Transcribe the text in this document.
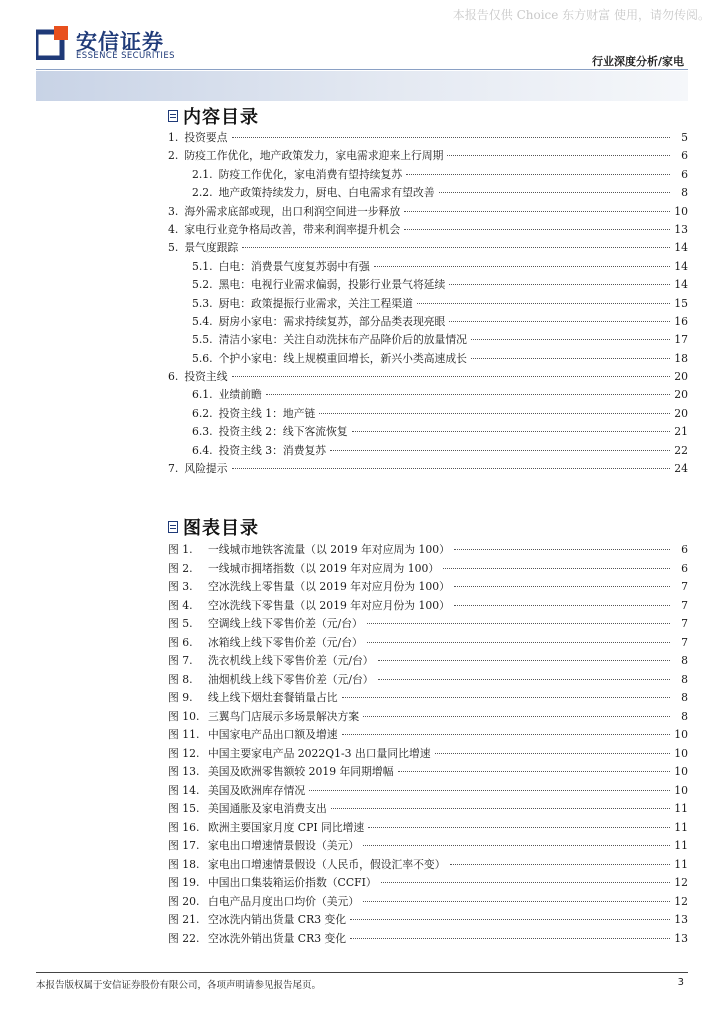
本报告仅供 Choice 东方财富 使用，请勿传阅。
安信证券
ESSENCE SECURITIES	行业深度分析/家电
内容目录
1. 投资要点	5
2. 防疫工作优化，地产政策发力，家电需求迎来上行周期	6
2.1. 防疫工作优化，家电消费有望持续复苏	6
2.2. 地产政策持续发力，厨电、白电需求有望改善	8
3. 海外需求底部或现，出口利润空间进一步释放	10
4. 家电行业竞争格局改善，带来利润率提升机会	13
5. 景气度跟踪	14
5.1. 白电：消费景气度复苏弱中有强	14
5.2. 黑电：电视行业需求偏弱，投影行业景气将延续	14
5.3. 厨电：政策提振行业需求，关注工程渠道	15
5.4. 厨房小家电：需求持续复苏，部分品类表现亮眼	16
5.5. 清洁小家电：关注自动洗抹布产品降价后的放量情况	17
5.6. 个护小家电：线上规模重回增长，新兴小类高速成长	18
6. 投资主线	20
6.1. 业绩前瞻	20
6.2. 投资主线 1：地产链	20
6.3. 投资主线 2：线下客流恢复	21
6.4. 投资主线 3：消费复苏	22
7. 风险提示	24
图表目录
图 1.	一线城市地铁客流量（以 2019 年对应周为 100）	6
图 2.	一线城市拥堵指数（以 2019 年对应周为 100）	6
图 3.	空冰洗线上零售量（以 2019 年对应月份为 100）	7
图 4.	空冰洗线下零售量（以 2019 年对应月份为 100）	7
图 5.	空调线上线下零售价差（元/台）	7
图 6.	冰箱线上线下零售价差（元/台）	7
图 7.	洗衣机线上线下零售价差（元/台）	8
图 8.	油烟机线上线下零售价差（元/台）	8
图 9.	线上线下烟灶套餐销量占比	8
图 10. 三翼鸟门店展示多场景解决方案	8
图 11. 中国家电产品出口额及增速	10
图 12. 中国主要家电产品 2022Q1-3 出口量同比增速	10
图 13. 美国及欧洲零售额较 2019 年同期增幅	10
图 14. 美国及欧洲库存情况	10
图 15. 美国通胀及家电消费支出	11
图 16. 欧洲主要国家月度 CPI 同比增速	11
图 17. 家电出口增速情景假设（美元）	11
图 18. 家电出口增速情景假设（人民币，假设汇率不变）	11
图 19. 中国出口集装箱运价指数（CCFI）	12
图 20. 白电产品月度出口均价（美元）	12
图 21. 空冰洗内销出货量 CR3 变化	13
图 22. 空冰洗外销出货量 CR3 变化	13
本报告版权属于安信证券股份有限公司，各项声明请参见报告尾页。	3
